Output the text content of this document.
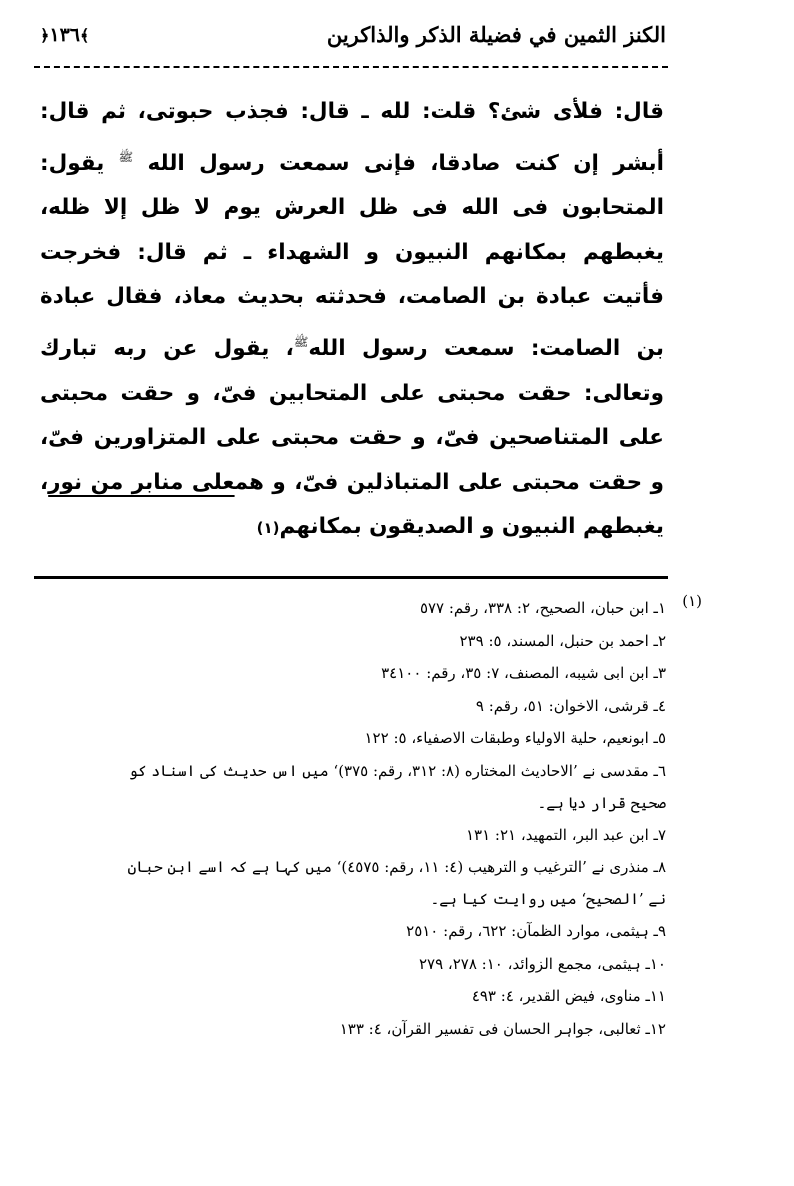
الكنز الثمين في فضيلة الذكر والذاكرين
﴿١٣٦﴾

قال: فلأى شئ؟ قلت: لله ـ قال: فجذب حبوتى، ثم قال: أبشر إن كنت صادقا، فإنى سمعت رسول الله $^ﷺ$ يقول: المتحابون فى الله فى ظل العرش يوم لا ظل إلا ظله، يغبطهم بمكانهم النبيون و الشهداء ـ ثم قال: فخرجت فأتيت عبادة بن الصامت، فحدثته بحديث معاذ، فقال عبادة بن الصامت: سمعت رسول الله$^ﷺ$، يقول عن ربه تبارك وتعالى: حقت محبتى على المتحابين فىّ، و حقت محبتى على المتناصحين فىّ، و حقت محبتى على المتزاورين فىّ، و حقت محبتى على المتباذلين فىّ، و همعلى منابر من نور، يغبطهم النبيون و الصديقون بمكانهم(١)

(١)
١ـ ابن حبان، الصحيح، ٢: ٣٣٨، رقم: ٥٧٧
٢ـ احمد بن حنبل، المسند، ٥: ٢٣٩
٣ـ ابن ابى شيبه، المصنف، ٧: ٣٥، رقم: ٣٤١٠٠
٤ـ قرشى، الاخوان: ٥١، رقم: ٩
٥ـ ابونعيم، حلية الاولياء وطبقات الاصفياء، ٥: ١٢٢
٦ـ مقدسى نے ’الاحاديث المختاره (٨: ٣١٢، رقم: ٣٧٥)‘ ميں اس حديث كى اسناد كو صحيح قرار ديا ہے۔
٧ـ ابن عبد البر، التمهيد، ٢١: ١٣١
٨ـ منذرى نے ’الترغيب و الترهيب (٤: ١١، رقم: ٤٥٧٥)‘ ميں كہا ہے كہ اسے ابن حبان نے ’الصحيح‘ ميں روايت كيا ہے۔
٩ـ ہيثمى، موارد الظمآن: ٦٢٢، رقم: ٢٥١٠
١٠ـ ہيثمى، مجمع الزوائد، ١٠: ٢٧٨، ٢٧٩
١١ـ مناوى، فيض القدير، ٤: ٤٩٣
١٢ـ ثعالبى، جواہر الحسان فى تفسير القرآن، ٤: ١٣٣
